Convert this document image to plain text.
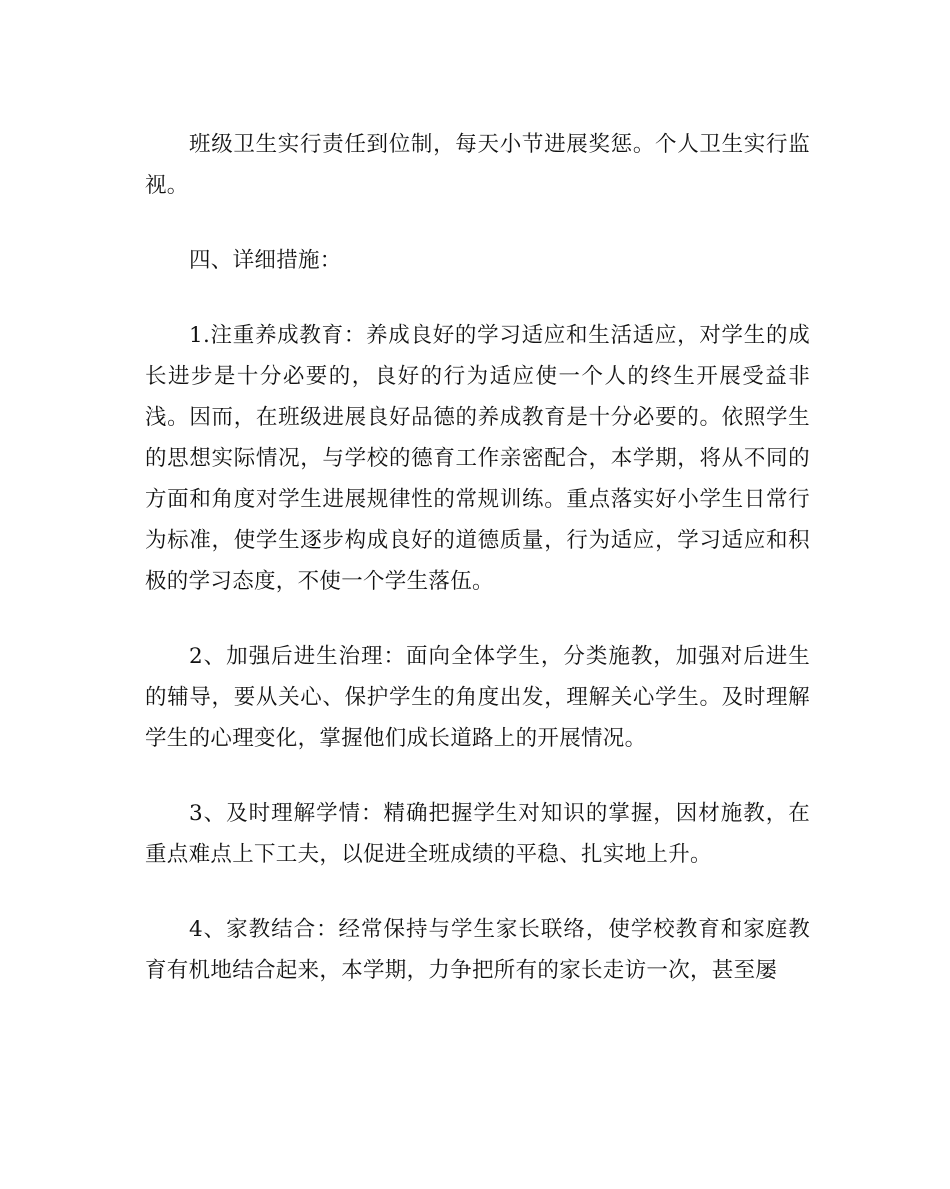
班级卫生实行责任到位制，每天小节进展奖惩。个人卫生实行监视。

四、详细措施：

1.注重养成教育：养成良好的学习适应和生活适应，对学生的成长进步是十分必要的，良好的行为适应使一个人的终生开展受益非浅。因而，在班级进展良好品德的养成教育是十分必要的。依照学生的思想实际情况，与学校的德育工作亲密配合，本学期，将从不同的方面和角度对学生进展规律性的常规训练。重点落实好小学生日常行为标准，使学生逐步构成良好的道德质量，行为适应，学习适应和积极的学习态度，不使一个学生落伍。

2、加强后进生治理：面向全体学生，分类施教，加强对后进生的辅导，要从关心、保护学生的角度出发，理解关心学生。及时理解学生的心理变化，掌握他们成长道路上的开展情况。

3、及时理解学情：精确把握学生对知识的掌握，因材施教，在重点难点上下工夫，以促进全班成绩的平稳、扎实地上升。

4、家教结合：经常保持与学生家长联络，使学校教育和家庭教育有机地结合起来，本学期，力争把所有的家长走访一次，甚至屡
